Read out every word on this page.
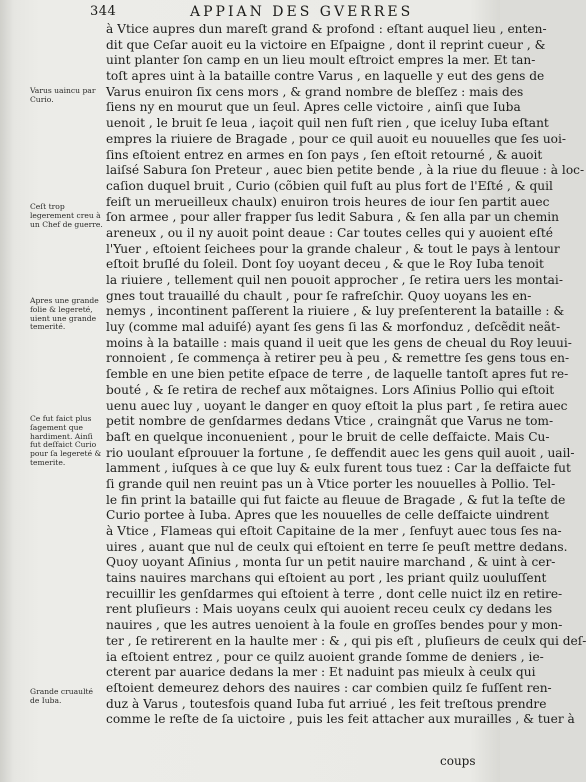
344	APPIAN DES GVERRES
à Vtice aupres dun mareſt grand & profond : eſtant auquel lieu , enten-
dit que Ceſar auoit eu la victoire en Eſpaigne , dont il reprint cueur , &
uint planter ſon camp en un lieu moult eſtroict empres la mer. Et tan-
toſt apres uint à la bataille contre Varus , en laquelle y eut des gens de
Varus enuiron ſix cens mors , & grand nombre de bleſſez : mais des
ſiens ny en mourut que un ſeul. Apres celle victoire , ainſi que Iuba
uenoit , le bruit ſe leua , iaçoit quil nen fuſt rien , que iceluy Iuba eſtant
empres la riuiere de Bragade , pour ce quil auoit eu nouuelles que ſes uoi-
ſins eſtoient entrez en armes en ſon pays , ſen eſtoit retourné , & auoit
laiſsé Sabura ſon Preteur , auec bien petite bende , à la riue du fleuue : à loc-
caſion duquel bruit , Curio (cõbien quil fuſt au plus fort de l'Eſté , & quil
feiſt un merueilleux chaulx) enuiron trois heures de iour ſen partit auec
ſon armee , pour aller frapper ſus ledit Sabura , & ſen alla par un chemin
areneux , ou il ny auoit point deaue : Car toutes celles qui y auoient eſté
l'Yuer , eſtoient ſeichees pour la grande chaleur , & tout le pays à lentour
eſtoit bruſlé du ſoleil. Dont ſoy uoyant deceu , & que le Roy Iuba tenoit
la riuiere , tellement quil nen pouoit approcher , ſe retira uers les montai-
gnes tout trauaillé du chault , pour ſe rafreſchir. Quoy uoyans les en-
nemys , incontinent paſſerent la riuiere , & luy preſenterent la bataille : &
luy (comme mal aduiſé) ayant ſes gens ſi las & morfonduz , deſcẽdit neãt-
moins à la bataille : mais quand il ueit que les gens de cheual du Roy leuui-
ronnoient , ſe commença à retirer peu à peu , & remettre ſes gens tous en-
ſemble en une bien petite eſpace de terre , de laquelle tantoſt apres fut re-
bouté , & ſe retira de rechef aux mõtaignes. Lors Aſinius Pollio qui eſtoit
uenu auec luy , uoyant le danger en quoy eſtoit la plus part , ſe retira auec
petit nombre de genſdarmes dedans Vtice , craingnãt que Varus ne tom-
baſt en quelque inconuenient , pour le bruit de celle deſfaicte. Mais Cu-
rio uoulant eſprouuer la fortune , ſe deffendit auec les gens quil auoit , uail-
lamment , iuſques à ce que luy & eulx furent tous tuez : Car la deſfaicte fut
ſi grande quil nen reuint pas un à Vtice porter les nouuelles à Pollio. Tel-
le fin print la bataille qui fut faicte au fleuue de Bragade , & fut la teſte de
Curio portee à Iuba. Apres que les nouuelles de celle deſfaicte uindrent
à Vtice , Flameas qui eſtoit Capitaine de la mer , ſenfuyt auec tous ſes na-
uires , auant que nul de ceulx qui eſtoient en terre ſe peuſt mettre dedans.
Quoy uoyant Aſinius , monta ſur un petit nauire marchand , & uint à cer-
tains nauires marchans qui eſtoient au port , les priant quilz uouluſſent
recuillir les genſdarmes qui eſtoient à terre , dont celle nuict ilz en retire-
rent pluſieurs : Mais uoyans ceulx qui auoient receu ceulx cy dedans les
nauires , que les autres uenoient à la foule en groſſes bendes pour y mon-
ter , ſe retirerent en la haulte mer : & , qui pis eſt , pluſieurs de ceulx qui deſ-
ia eſtoient entrez , pour ce quilz auoient grande ſomme de deniers , ie-
cterent par auarice dedans la mer : Et naduint pas mieulx à ceulx qui
eſtoient demeurez dehors des nauires : car combien quilz ſe fuſſent ren-
duz à Varus , toutesfois quand Iuba fut arriué , les feit treſtous prendre
comme le reſte de ſa uictoire , puis les feit attacher aux murailles , & tuer à
Varus uaincu par Curio.
Ceſt trop legerement creu à un Chef de guerre.
Apres une grande folie & legereté, uient une grande temerité.
Ce fut faict plus ſagement que hardiment. Ainſi fut deſfaict Curio pour ſa legereté & temerite.
Grande cruaulté de Iuba.
coups
